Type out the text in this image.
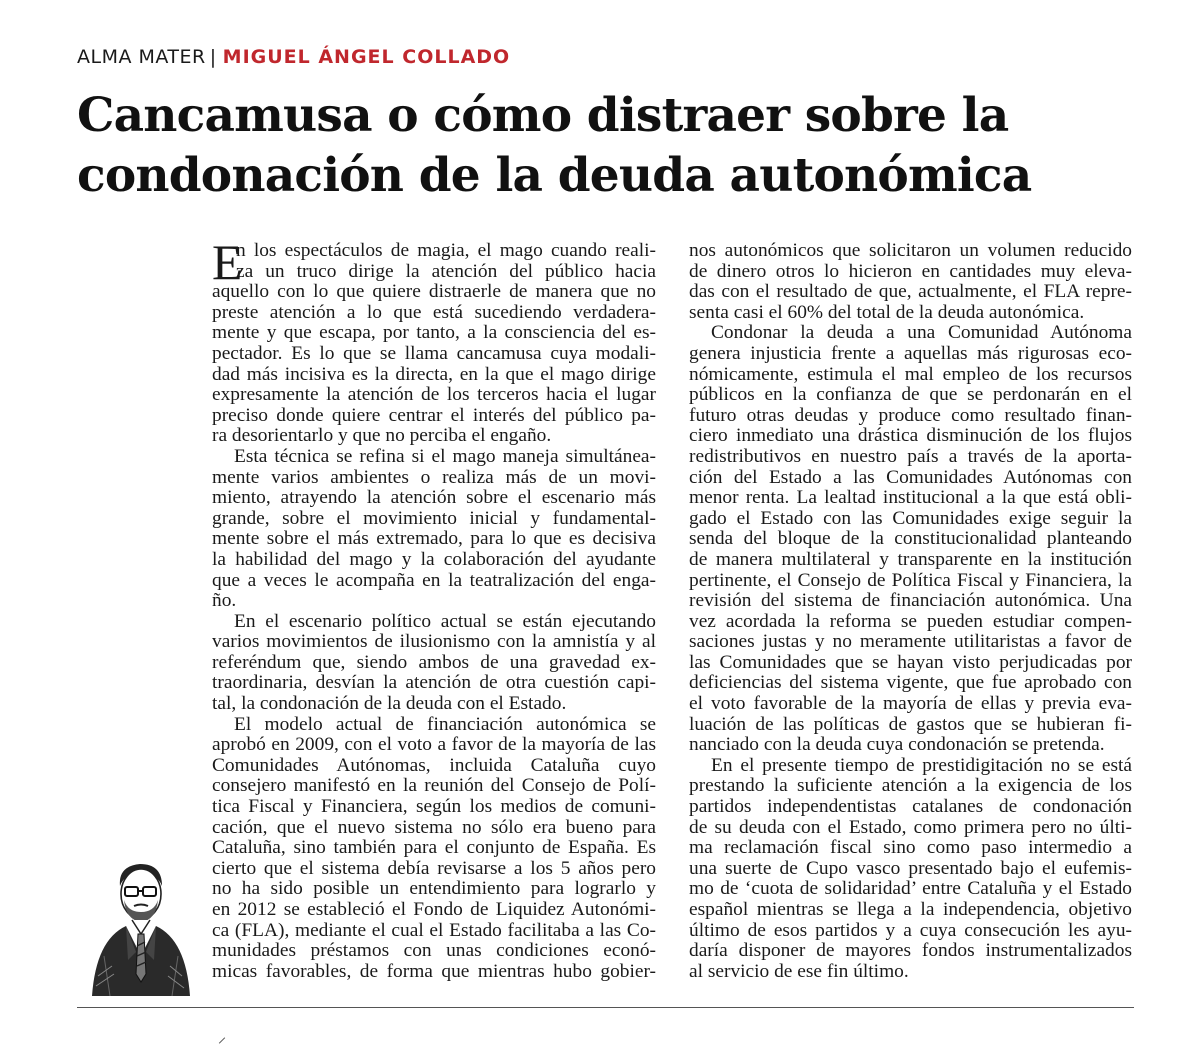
ALMA MATER | MIGUEL ÁNGEL COLLADO
Cancamusa o cómo distraer sobre la
condonación de la deuda autonómica
E
n los espectáculos de magia, el mago cuando reali-
za un truco dirige la atención del público hacia
aquello con lo que quiere distraerle de manera que no
preste atención a lo que está sucediendo verdadera-
mente y que escapa, por tanto, a la consciencia del es-
pectador. Es lo que se llama cancamusa cuya modali-
dad más incisiva es la directa, en la que el mago dirige
expresamente la atención de los terceros hacia el lugar
preciso donde quiere centrar el interés del público pa-
ra desorientarlo y que no perciba el engaño.
Esta técnica se refina si el mago maneja simultánea-
mente varios ambientes o realiza más de un movi-
miento, atrayendo la atención sobre el escenario más
grande, sobre el movimiento inicial y fundamental-
mente sobre el más extremado, para lo que es decisiva
la habilidad del mago y la colaboración del ayudante
que a veces le acompaña en la teatralización del enga-
ño.
En el escenario político actual se están ejecutando
varios movimientos de ilusionismo con la amnistía y al
referéndum que, siendo ambos de una gravedad ex-
traordinaria, desvían la atención de otra cuestión capi-
tal, la condonación de la deuda con el Estado.
El modelo actual de financiación autonómica se
aprobó en 2009, con el voto a favor de la mayoría de las
Comunidades Autónomas, incluida Cataluña cuyo
consejero manifestó en la reunión del Consejo de Polí-
tica Fiscal y Financiera, según los medios de comuni-
cación, que el nuevo sistema no sólo era bueno para
Cataluña, sino también para el conjunto de España. Es
cierto que el sistema debía revisarse a los 5 años pero
no ha sido posible un entendimiento para lograrlo y
en 2012 se estableció el Fondo de Liquidez Autonómi-
ca (FLA), mediante el cual el Estado facilitaba a las Co-
munidades préstamos con unas condiciones econó-
micas favorables, de forma que mientras hubo gobier-
nos autonómicos que solicitaron un volumen reducido
de dinero otros lo hicieron en cantidades muy eleva-
das con el resultado de que, actualmente, el FLA repre-
senta casi el 60% del total de la deuda autonómica.
Condonar la deuda a una Comunidad Autónoma
genera injusticia frente a aquellas más rigurosas eco-
nómicamente, estimula el mal empleo de los recursos
públicos en la confianza de que se perdonarán en el
futuro otras deudas y produce como resultado finan-
ciero inmediato una drástica disminución de los flujos
redistributivos en nuestro país a través de la aporta-
ción del Estado a las Comunidades Autónomas con
menor renta. La lealtad institucional a la que está obli-
gado el Estado con las Comunidades exige seguir la
senda del bloque de la constitucionalidad planteando
de manera multilateral y transparente en la institución
pertinente, el Consejo de Política Fiscal y Financiera, la
revisión del sistema de financiación autonómica. Una
vez acordada la reforma se pueden estudiar compen-
saciones justas y no meramente utilitaristas a favor de
las Comunidades que se hayan visto perjudicadas por
deficiencias del sistema vigente, que fue aprobado con
el voto favorable de la mayoría de ellas y previa eva-
luación de las políticas de gastos que se hubieran fi-
nanciado con la deuda cuya condonación se pretenda.
En el presente tiempo de prestidigitación no se está
prestando la suficiente atención a la exigencia de los
partidos independentistas catalanes de condonación
de su deuda con el Estado, como primera pero no últi-
ma reclamación fiscal sino como paso intermedio a
una suerte de Cupo vasco presentado bajo el eufemis-
mo de ‘cuota de solidaridad’ entre Cataluña y el Estado
español mientras se llega a la independencia, objetivo
último de esos partidos y a cuya consecución les ayu-
daría disponer de mayores fondos instrumentalizados
al servicio de ese fin último.
